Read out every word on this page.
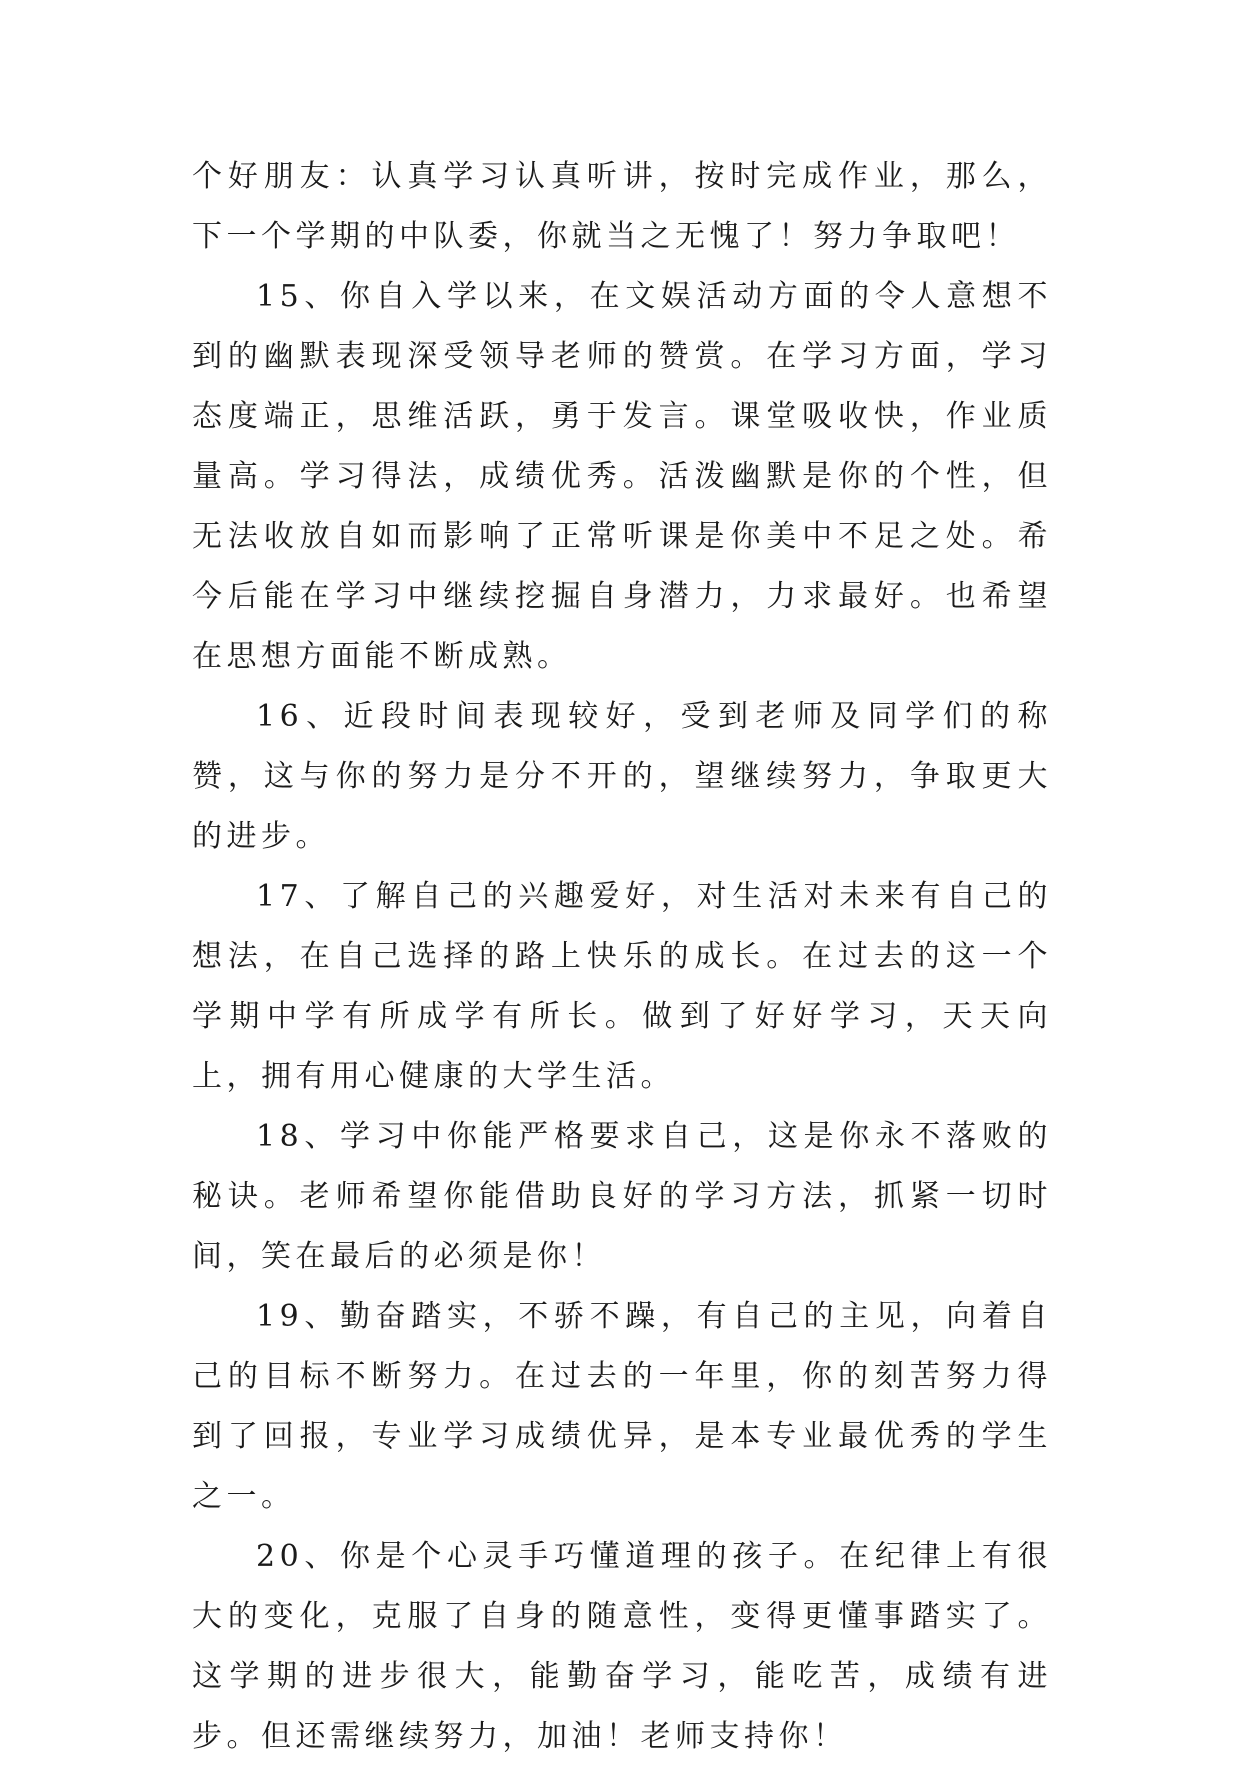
个好朋友：认真学习认真听讲，按时完成作业，那么，下一个学期的中队委，你就当之无愧了！努力争取吧！

15、你自入学以来，在文娱活动方面的令人意想不到的幽默表现深受领导老师的赞赏。在学习方面，学习态度端正，思维活跃，勇于发言。课堂吸收快，作业质量高。学习得法，成绩优秀。活泼幽默是你的个性，但无法收放自如而影响了正常听课是你美中不足之处。希今后能在学习中继续挖掘自身潜力，力求最好。也希望在思想方面能不断成熟。

16、近段时间表现较好，受到老师及同学们的称赞，这与你的努力是分不开的，望继续努力，争取更大的进步。

17、了解自己的兴趣爱好，对生活对未来有自己的想法，在自己选择的路上快乐的成长。在过去的这一个学期中学有所成学有所长。做到了好好学习，天天向上，拥有用心健康的大学生活。

18、学习中你能严格要求自己，这是你永不落败的秘诀。老师希望你能借助良好的学习方法，抓紧一切时间，笑在最后的必须是你！

19、勤奋踏实，不骄不躁，有自己的主见，向着自己的目标不断努力。在过去的一年里，你的刻苦努力得到了回报，专业学习成绩优异，是本专业最优秀的学生之一。

20、你是个心灵手巧懂道理的孩子。在纪律上有很大的变化，克服了自身的随意性，变得更懂事踏实了。这学期的进步很大，能勤奋学习，能吃苦，成绩有进步。但还需继续努力，加油！老师支持你！
